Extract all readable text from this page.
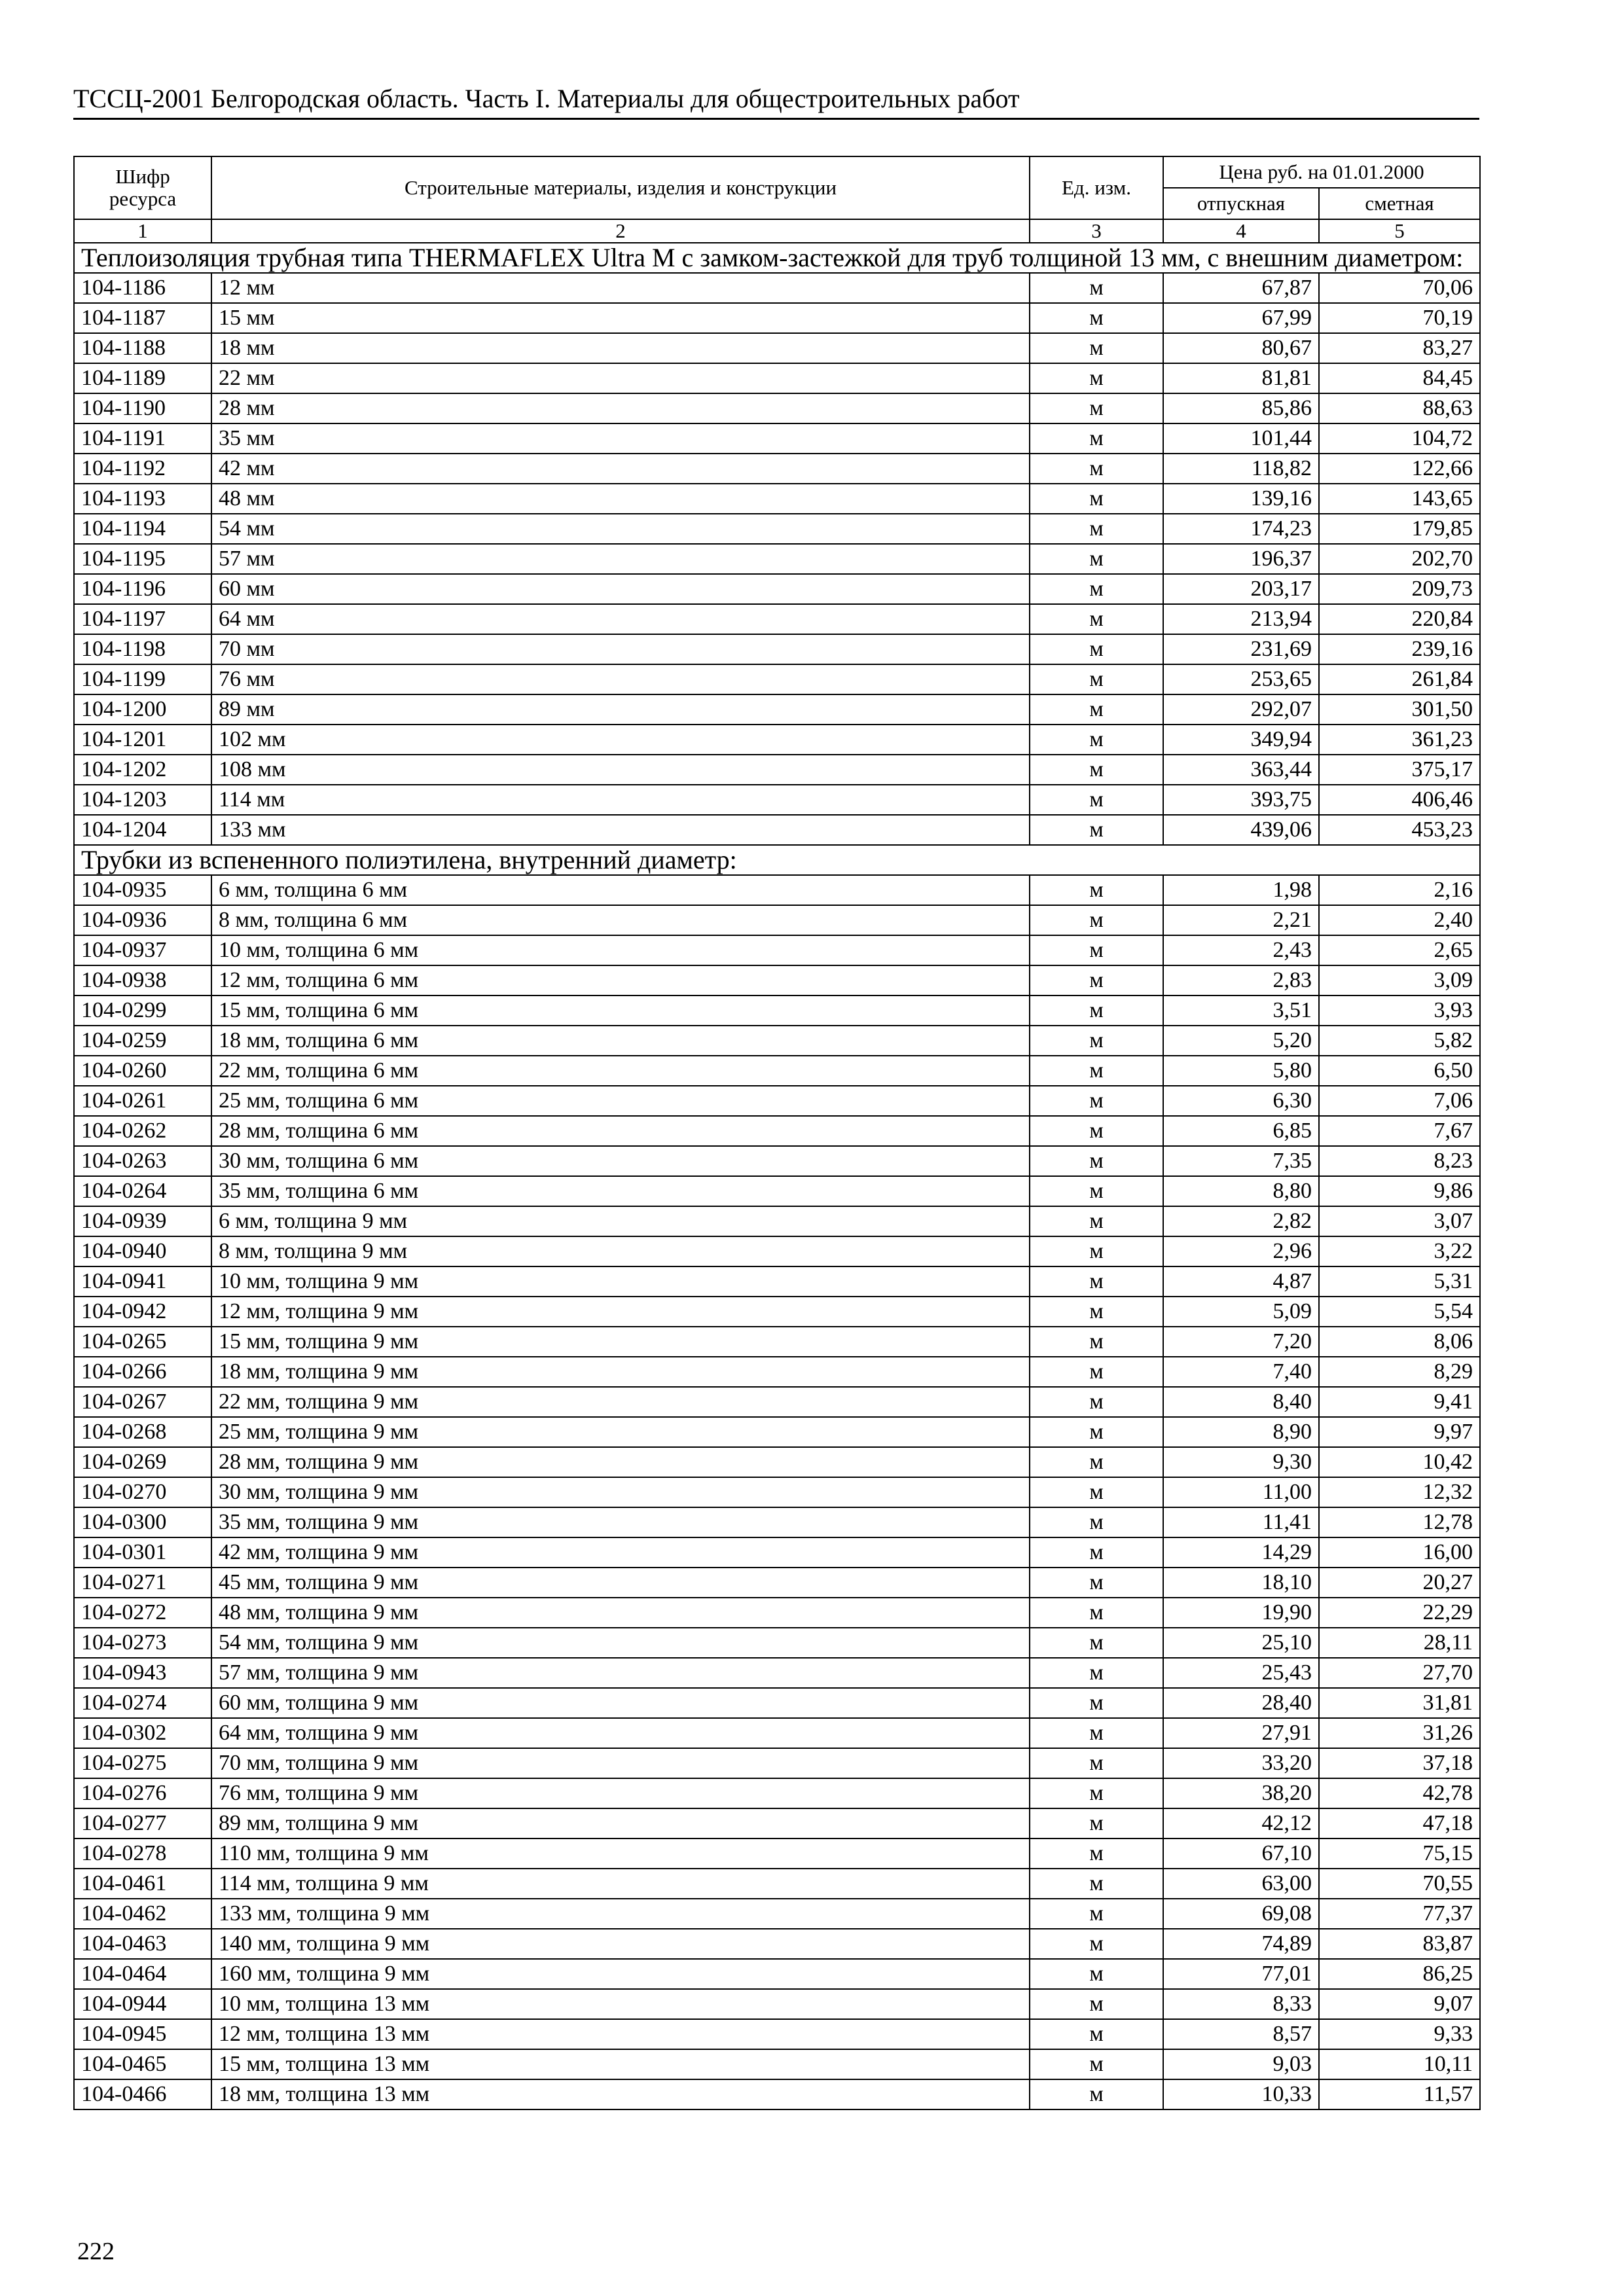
ТССЦ-2001 Белгородская область. Часть I. Материалы для общестроительных работ
Шифр ресурса	Строительные материалы, изделия и конструкции	Ед. изм.	Цена руб. на 01.01.2000	
			отпускная	сметная
1	2	3	4	5
Теплоизоляция трубная типа THERMAFLEX Ultra M с замком-застежкой для труб толщиной 13 мм, с внешним диаметром:				
104-1186	12 мм	м	67,87	70,06
104-1187	15 мм	м	67,99	70,19
104-1188	18 мм	м	80,67	83,27
104-1189	22 мм	м	81,81	84,45
104-1190	28 мм	м	85,86	88,63
104-1191	35 мм	м	101,44	104,72
104-1192	42 мм	м	118,82	122,66
104-1193	48 мм	м	139,16	143,65
104-1194	54 мм	м	174,23	179,85
104-1195	57 мм	м	196,37	202,70
104-1196	60 мм	м	203,17	209,73
104-1197	64 мм	м	213,94	220,84
104-1198	70 мм	м	231,69	239,16
104-1199	76 мм	м	253,65	261,84
104-1200	89 мм	м	292,07	301,50
104-1201	102 мм	м	349,94	361,23
104-1202	108 мм	м	363,44	375,17
104-1203	114 мм	м	393,75	406,46
104-1204	133 мм	м	439,06	453,23
Трубки из вспененного полиэтилена, внутренний диаметр:				
104-0935	6 мм, толщина 6 мм	м	1,98	2,16
104-0936	8 мм, толщина 6 мм	м	2,21	2,40
104-0937	10 мм, толщина 6 мм	м	2,43	2,65
104-0938	12 мм, толщина 6 мм	м	2,83	3,09
104-0299	15 мм, толщина 6 мм	м	3,51	3,93
104-0259	18 мм, толщина 6 мм	м	5,20	5,82
104-0260	22 мм, толщина 6 мм	м	5,80	6,50
104-0261	25 мм, толщина 6 мм	м	6,30	7,06
104-0262	28 мм, толщина 6 мм	м	6,85	7,67
104-0263	30 мм, толщина 6 мм	м	7,35	8,23
104-0264	35 мм, толщина 6 мм	м	8,80	9,86
104-0939	6 мм, толщина 9 мм	м	2,82	3,07
104-0940	8 мм, толщина 9 мм	м	2,96	3,22
104-0941	10 мм, толщина 9 мм	м	4,87	5,31
104-0942	12 мм, толщина 9 мм	м	5,09	5,54
104-0265	15 мм, толщина 9 мм	м	7,20	8,06
104-0266	18 мм, толщина 9 мм	м	7,40	8,29
104-0267	22 мм, толщина 9 мм	м	8,40	9,41
104-0268	25 мм, толщина 9 мм	м	8,90	9,97
104-0269	28 мм, толщина 9 мм	м	9,30	10,42
104-0270	30 мм, толщина 9 мм	м	11,00	12,32
104-0300	35 мм, толщина 9 мм	м	11,41	12,78
104-0301	42 мм, толщина 9 мм	м	14,29	16,00
104-0271	45 мм, толщина 9 мм	м	18,10	20,27
104-0272	48 мм, толщина 9 мм	м	19,90	22,29
104-0273	54 мм, толщина 9 мм	м	25,10	28,11
104-0943	57 мм, толщина 9 мм	м	25,43	27,70
104-0274	60 мм, толщина 9 мм	м	28,40	31,81
104-0302	64 мм, толщина 9 мм	м	27,91	31,26
104-0275	70 мм, толщина 9 мм	м	33,20	37,18
104-0276	76 мм, толщина 9 мм	м	38,20	42,78
104-0277	89 мм, толщина 9 мм	м	42,12	47,18
104-0278	110 мм, толщина 9 мм	м	67,10	75,15
104-0461	114 мм, толщина 9 мм	м	63,00	70,55
104-0462	133 мм, толщина 9 мм	м	69,08	77,37
104-0463	140 мм, толщина 9 мм	м	74,89	83,87
104-0464	160 мм, толщина 9 мм	м	77,01	86,25
104-0944	10 мм, толщина 13 мм	м	8,33	9,07
104-0945	12 мм, толщина 13 мм	м	8,57	9,33
104-0465	15 мм, толщина 13 мм	м	9,03	10,11
104-0466	18 мм, толщина 13 мм	м	10,33	11,57
222
